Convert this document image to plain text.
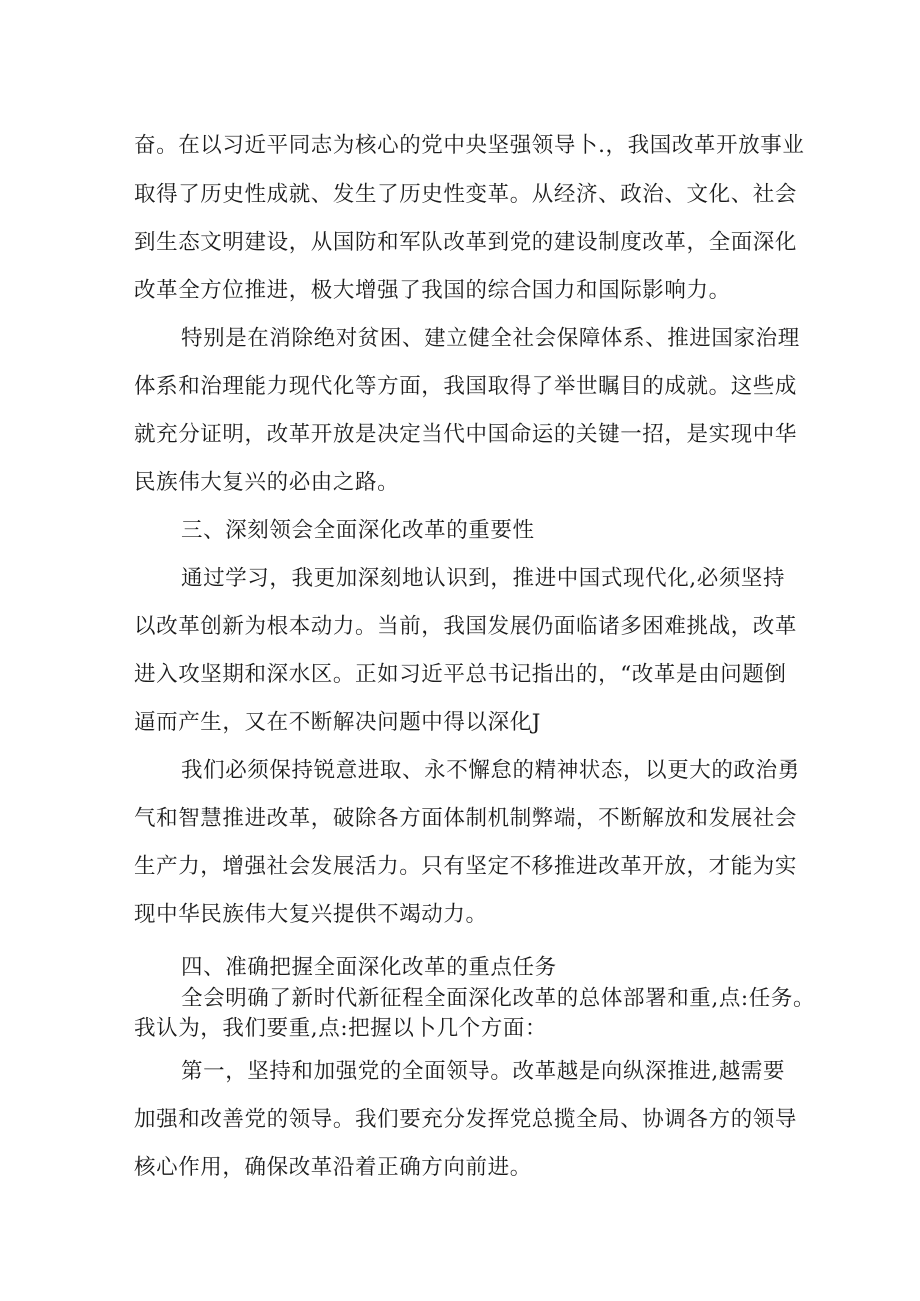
奋。在以习近平同志为核心的党中央坚强领导卜.，我国改革开放事业
取得了历史性成就、发生了历史性变革。从经济、政治、文化、社会
到生态文明建设，从国防和军队改革到党的建设制度改革，全面深化
改革全方位推进，极大增强了我国的综合国力和国际影响力。
特别是在消除绝对贫困、建立健全社会保障体系、推进国家治理
体系和治理能力现代化等方面，我国取得了举世瞩目的成就。这些成
就充分证明，改革开放是决定当代中国命运的关键一招，是实现中华
民族伟大复兴的必由之路。
三、深刻领会全面深化改革的重要性
通过学习，我更加深刻地认识到，推进中国式现代化,必须坚持
以改革创新为根本动力。当前，我国发展仍面临诸多困难挑战，改革
进入攻坚期和深水区。正如习近平总书记指出的，“改革是由问题倒
逼而产生，又在不断解决问题中得以深化J
我们必须保持锐意进取、永不懈怠的精神状态，以更大的政治勇
气和智慧推进改革，破除各方面体制机制弊端，不断解放和发展社会
生产力，增强社会发展活力。只有坚定不移推进改革开放，才能为实
现中华民族伟大复兴提供不竭动力。
四、准确把握全面深化改革的重点任务
全会明确了新时代新征程全面深化改革的总体部署和重,点:任务。
我认为，我们要重,点:把握以卜几个方面：
第一，坚持和加强党的全面领导。改革越是向纵深推进,越需要
加强和改善党的领导。我们要充分发挥党总揽全局、协调各方的领导
核心作用，确保改革沿着正确方向前进。
